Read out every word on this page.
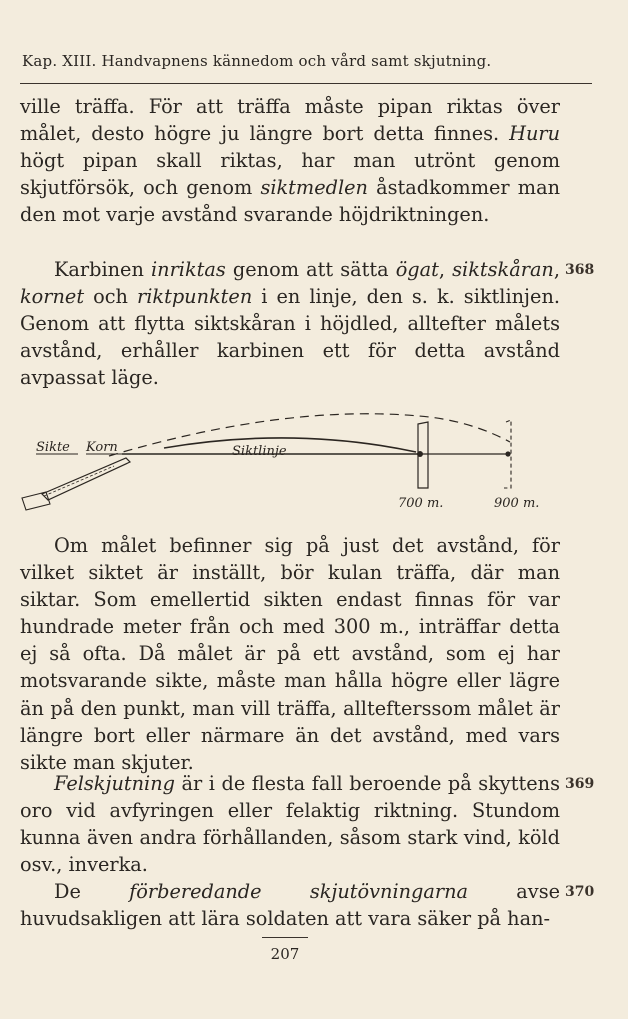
Kap. XIII. Handvapnens kännedom och vård samt skjutning.

ville träffa. För att träffa måste pipan riktas över målet, desto högre ju längre bort detta finnes. Huru högt pipan skall riktas, har man utrönt genom skjutförsök, och genom siktmedlen åstadkommer man den mot varje avstånd svarande höjdriktningen.

Karbinen inriktas genom att sätta ögat, siktskåran, kornet och riktpunkten i en linje, den s. k. siktlinjen. Genom att flytta siktskåran i höjdled, alltefter målets avstånd, erhåller karbinen ett för detta avstånd avpassat läge.

368
Sikte Korn	Siktlinje
700 m.	900 m.

Om målet befinner sig på just det avstånd, för vilket siktet är inställt, bör kulan träffa, där man siktar. Som emellertid sikten endast finnas för var hundrade meter från och med 300 m., inträffar detta ej så ofta. Då målet är på ett avstånd, som ej har motsvarande sikte, måste man hålla högre eller lägre än på den punkt, man vill träffa, alltefterssom målet är längre bort eller närmare än det avstånd, med vars sikte man skjuter.

Felskjutning är i de flesta fall beroende på skyttens oro vid avfyringen eller felaktig riktning. Stundom kunna även andra förhållanden, såsom stark vind, köld osv., inverka.

369

De förberedande skjutövningarna avse huvudsakligen att lära soldaten att vara säker på han-

370
207
